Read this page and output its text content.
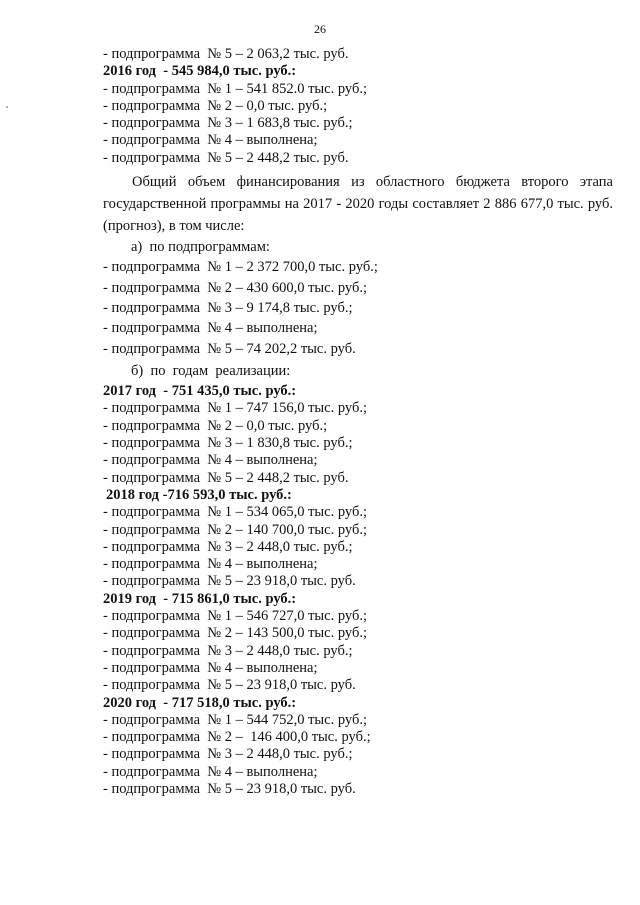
26
- подпрограмма  № 5 – 2 063,2 тыс. руб.
2016 год  - 545 984,0 тыс. руб.:
- подпрограмма  № 1 – 541 852.0 тыс. руб.;
- подпрограмма  № 2 – 0,0 тыс. руб.;
- подпрограмма  № 3 – 1 683,8 тыс. руб.;
- подпрограмма  № 4 – выполнена;
- подпрограмма  № 5 – 2 448,2 тыс. руб.
Общий объем финансирования из областного бюджета второго этапа государственной программы на 2017 - 2020 годы составляет 2 886 677,0 тыс. руб. (прогноз), в том числе:
а)  по подпрограммам:
- подпрограмма  № 1 – 2 372 700,0 тыс. руб.;
- подпрограмма  № 2 – 430 600,0 тыс. руб.;
- подпрограмма  № 3 – 9 174,8 тыс. руб.;
- подпрограмма  № 4 – выполнена;
- подпрограмма  № 5 – 74 202,2 тыс. руб.
б)  по  годам  реализации:
2017 год  - 751 435,0 тыс. руб.:
- подпрограмма  № 1 – 747 156,0 тыс. руб.;
- подпрограмма  № 2 – 0,0 тыс. руб.;
- подпрограмма  № 3 – 1 830,8 тыс. руб.;
- подпрограмма  № 4 – выполнена;
- подпрограмма  № 5 – 2 448,2 тыс. руб.
2018 год -716 593,0 тыс. руб.:
- подпрограмма  № 1 – 534 065,0 тыс. руб.;
- подпрограмма  № 2 – 140 700,0 тыс. руб.;
- подпрограмма  № 3 – 2 448,0 тыс. руб.;
- подпрограмма  № 4 – выполнена;
- подпрограмма  № 5 – 23 918,0 тыс. руб.
2019 год  - 715 861,0 тыс. руб.:
- подпрограмма  № 1 – 546 727,0 тыс. руб.;
- подпрограмма  № 2 – 143 500,0 тыс. руб.;
- подпрограмма  № 3 – 2 448,0 тыс. руб.;
- подпрограмма  № 4 – выполнена;
- подпрограмма  № 5 – 23 918,0 тыс. руб.
2020 год  - 717 518,0 тыс. руб.:
- подпрограмма  № 1 – 544 752,0 тыс. руб.;
- подпрограмма  № 2 –  146 400,0 тыс. руб.;
- подпрограмма  № 3 – 2 448,0 тыс. руб.;
- подпрограмма  № 4 – выполнена;
- подпрограмма  № 5 – 23 918,0 тыс. руб.
